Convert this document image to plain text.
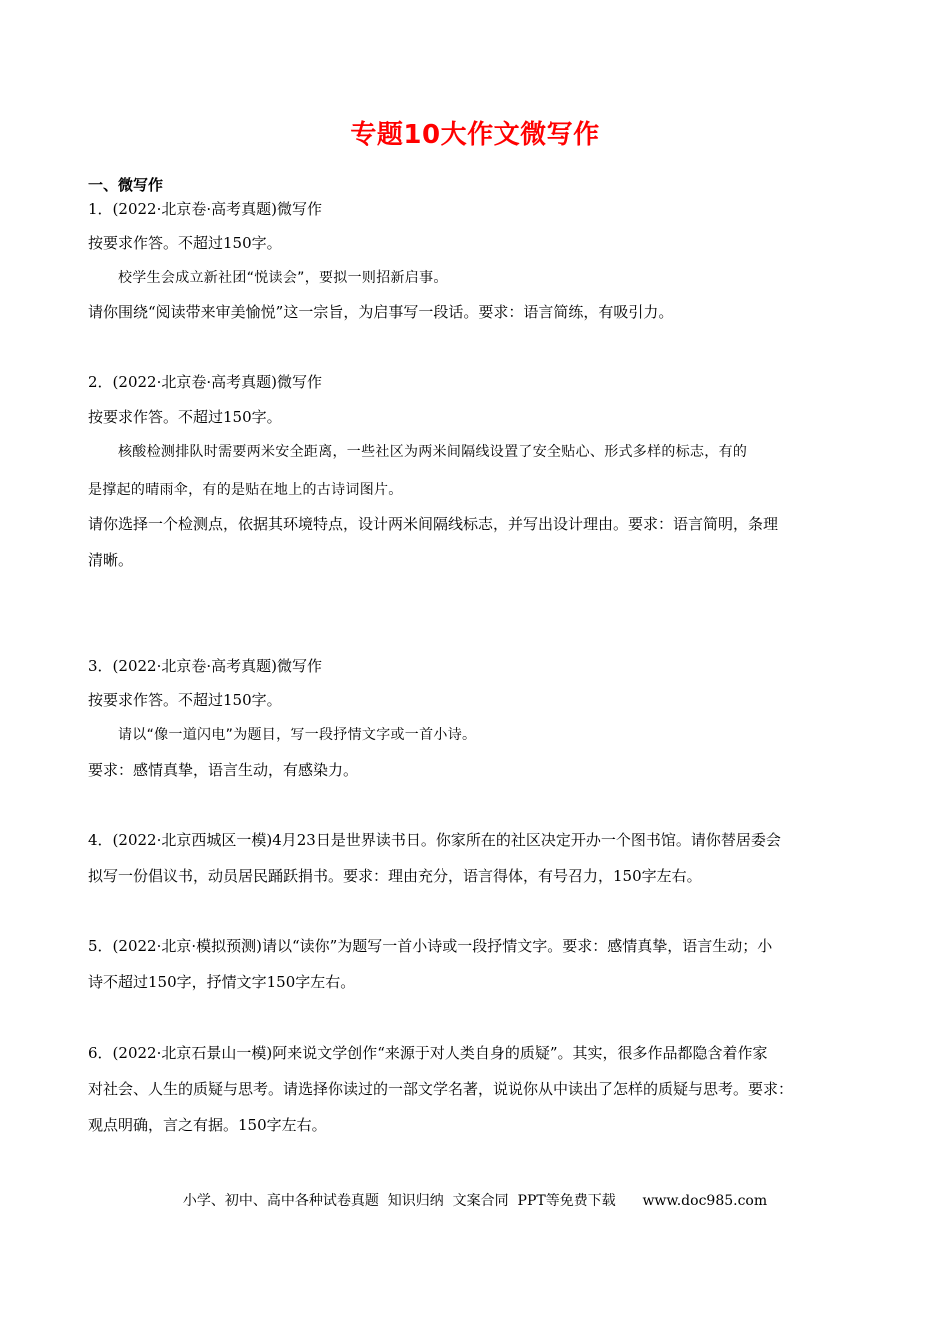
专题10大作文微写作
一、微写作
1．(2022·北京卷·高考真题)微写作
按要求作答。不超过150字。
校学生会成立新社团“悦读会”，要拟一则招新启事。
请你围绕“阅读带来审美愉悦”这一宗旨，为启事写一段话。要求：语言简练，有吸引力。
2．(2022·北京卷·高考真题)微写作
按要求作答。不超过150字。
核酸检测排队时需要两米安全距离，一些社区为两米间隔线设置了安全贴心、形式多样的标志，有的
是撑起的晴雨伞，有的是贴在地上的古诗词图片。
请你选择一个检测点，依据其环境特点，设计两米间隔线标志，并写出设计理由。要求：语言简明，条理
清晰。
3．(2022·北京卷·高考真题)微写作
按要求作答。不超过150字。
请以“像一道闪电”为题目，写一段抒情文字或一首小诗。
要求：感情真挚，语言生动，有感染力。
4．(2022·北京西城区一模)4月23日是世界读书日。你家所在的社区决定开办一个图书馆。请你替居委会
拟写一份倡议书，动员居民踊跃捐书。要求：理由充分，语言得体，有号召力，150字左右。
5．(2022·北京·模拟预测)请以“读你”为题写一首小诗或一段抒情文字。要求：感情真挚，语言生动；小
诗不超过150字，抒情文字150字左右。
6．(2022·北京石景山一模)阿来说文学创作“来源于对人类自身的质疑”。其实，很多作品都隐含着作家
对社会、人生的质疑与思考。请选择你读过的一部文学名著，说说你从中读出了怎样的质疑与思考。要求：
观点明确，言之有据。150字左右。
小学、初中、高中各种试卷真题  知识归纳  文案合同  PPT等免费下载      www.doc985.com
